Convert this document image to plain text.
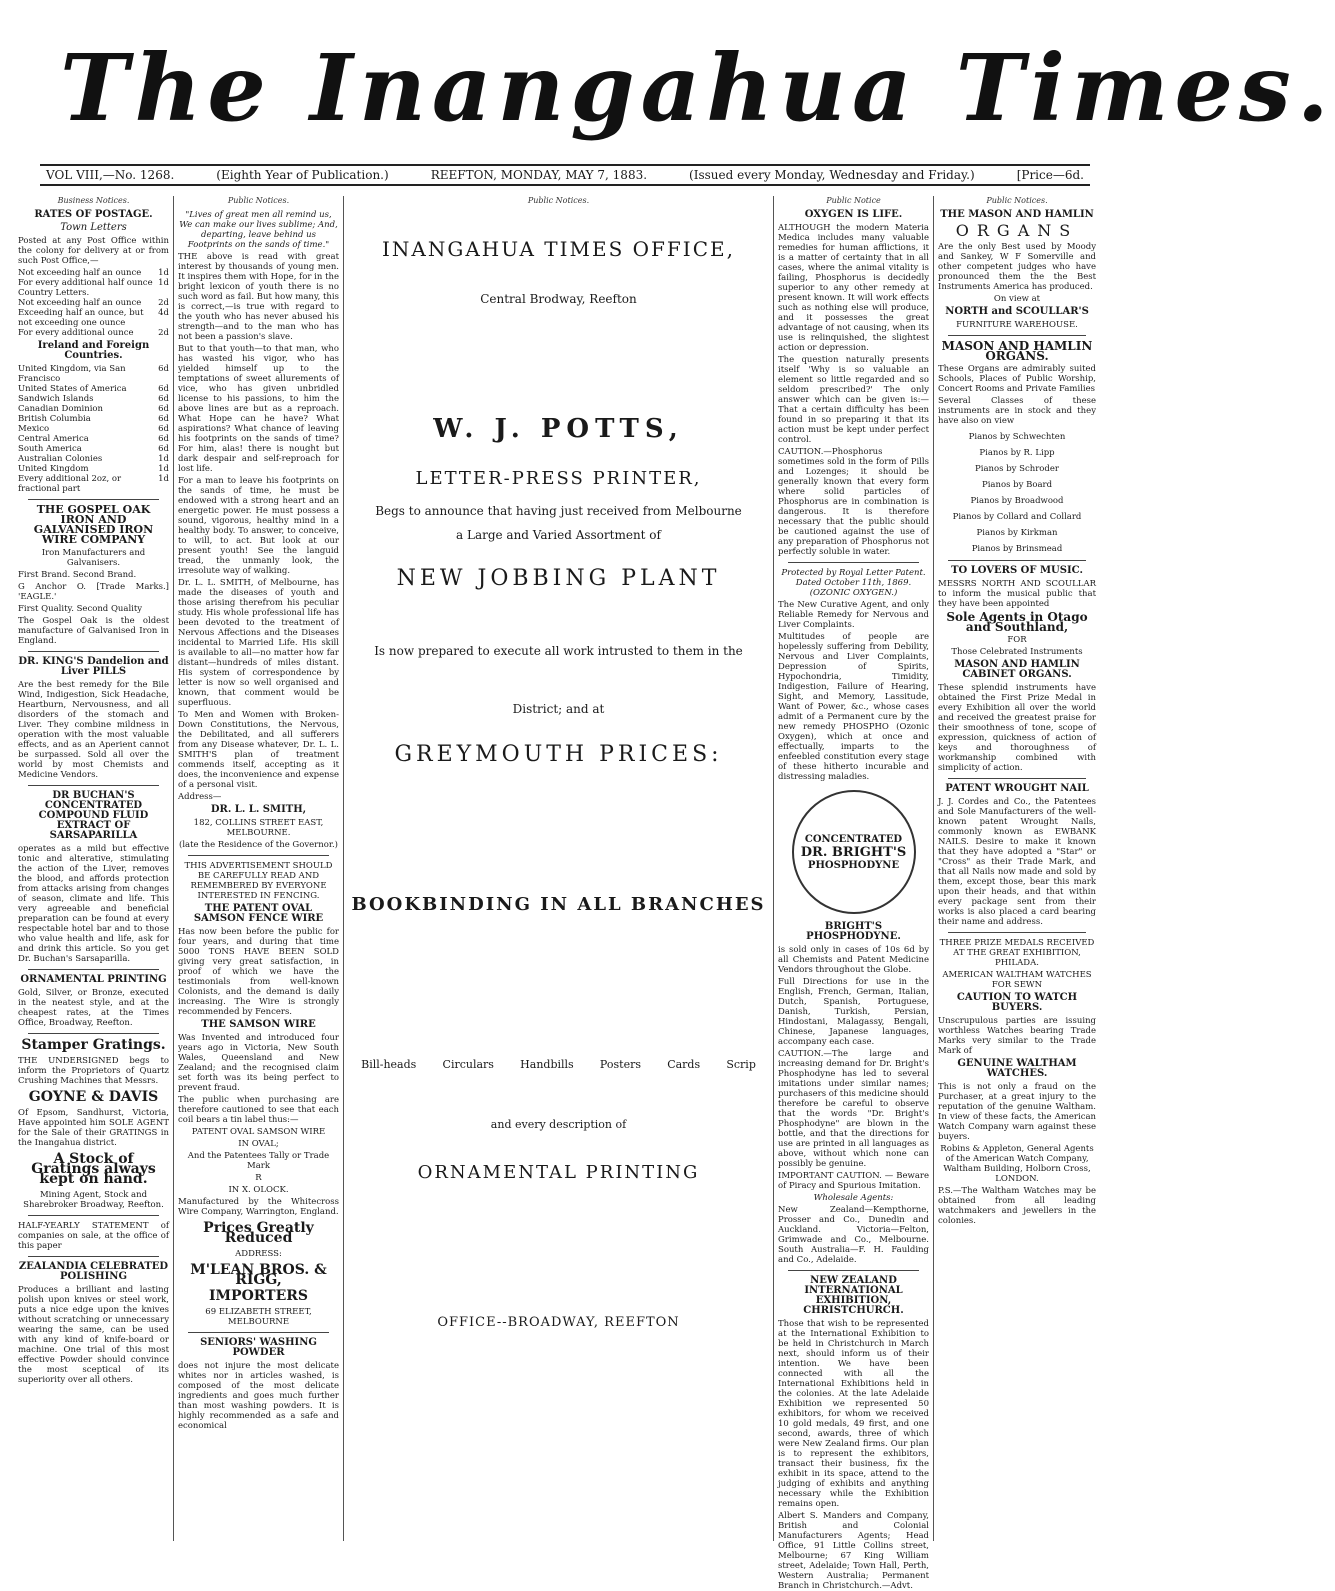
The Inangahua Times.
VOL VIII,—No. 1268.	(Eighth Year of Publication.)	REEFTON, MONDAY, MAY 7, 1883.	(Issued every Monday, Wednesday and Friday.)	[Price—6d.
Business Notices.
RATES OF POSTAGE.
Town Letters
Posted at any Post Office within the colony for delivery at or from such Post Office,—
Not exceeding half an ounce 1d
For every additional half ounce 1d
Country Letters.
Not exceeding half an ounce 2d
Exceeding half an ounce, but not exceeding one ounce
4d
For every additional ounce	2d
Ireland and Foreign Countries.
United Kingdom, via San Francisco
6d
United States of America	6d
Sandwich Islands	6d
Canadian Dominion	6d
British Columbia	6d
Mexico	6d
Central America	6d
South America	6d
Australian Colonies	1d
United Kingdom	1d
Every additional 2oz, or fractional part
1d
THE GOSPEL OAK IRON AND GALVANISED IRON WIRE COMPANY
Iron Manufacturers and Galvanisers.
First Brand. Second Brand.
G Anchor O. [Trade Marks.] 'EAGLE.'
First Quality. Second Quality
The Gospel Oak is the oldest manufacture of Galvanised Iron in England.
DR. KING'S Dandelion and Liver PILLS
Are the best remedy for the Bile Wind, Indigestion, Sick Headache, Heartburn, Nervousness, and all disorders of the stomach and Liver. They combine mildness in operation with the most valuable effects, and as an Aperient cannot be surpassed. Sold all over the world by most Chemists and Medicine Vendors.
DR BUCHAN'S CONCENTRATED COMPOUND FLUID EXTRACT OF SARSAPARILLA
operates as a mild but effective tonic and alterative, stimulating the action of the Liver, removes the blood, and affords protection from attacks arising from changes of season, climate and life. This very agreeable and beneficial preparation can be found at every respectable hotel bar and to those who value health and life, ask for and drink this article. So you get Dr. Buchan's Sarsaparilla.
ORNAMENTAL PRINTING
Gold, Silver, or Bronze, executed in the neatest style, and at the cheapest rates, at the Times Office, Broadway, Reefton.
Stamper Gratings.
THE UNDERSIGNED begs to inform the Proprietors of Quartz Crushing Machines that Messrs.
GOYNE & DAVIS
Of Epsom, Sandhurst, Victoria, Have appointed him SOLE AGENT for the Sale of their GRATINGS in the Inangahua district.
A Stock of Gratings always kept on hand.
Mining Agent, Stock and Sharebroker Broadway, Reefton.
HALF-YEARLY STATEMENT of companies on sale, at the office of this paper
ZEALANDIA CELEBRATED POLISHING
Produces a brilliant and lasting polish upon knives or steel work, puts a nice edge upon the knives without scratching or unnecessary wearing the same, can be used with any kind of knife-board or machine. One trial of this most effective Powder should convince the most sceptical of its superiority over all others.
Public Notices.
"Lives of great men all remind us, We can make our lives sublime; And, departing, leave behind us Footprints on the sands of time."
THE above is read with great interest by thousands of young men. It inspires them with Hope, for in the bright lexicon of youth there is no such word as fail. But how many, this is correct,—is true with regard to the youth who has never abused his strength—and to the man who has not been a passion's slave.
But to that youth—to that man, who has wasted his vigor, who has yielded himself up to the temptations of sweet allurements of vice, who has given unbridled license to his passions, to him the above lines are but as a reproach. What Hope can he have? What aspirations? What chance of leaving his footprints on the sands of time? For him, alas! there is nought but dark despair and self-reproach for lost life.
For a man to leave his footprints on the sands of time, he must be endowed with a strong heart and an energetic power. He must possess a sound, vigorous, healthy mind in a healthy body. To answer, to conceive, to will, to act. But look at our present youth! See the languid tread, the unmanly look, the irresolute way of walking.
Dr. L. L. SMITH, of Melbourne, has made the diseases of youth and those arising therefrom his peculiar study. His whole professional life has been devoted to the treatment of Nervous Affections and the Diseases incidental to Married Life. His skill is available to all—no matter how far distant—hundreds of miles distant. His system of correspondence by letter is now so well organised and known, that comment would be superfluous.
To Men and Women with Broken-Down Constitutions, the Nervous, the Debilitated, and all sufferers from any Disease whatever, Dr. L. L. SMITH'S plan of treatment commends itself, accepting as it does, the inconvenience and expense of a personal visit.
Address—
DR. L. L. SMITH,
182, COLLINS STREET EAST, MELBOURNE.
(late the Residence of the Governor.)
THIS ADVERTISEMENT SHOULD BE CAREFULLY READ AND REMEMBERED BY EVERYONE INTERESTED IN FENCING.
THE PATENT OVAL SAMSON FENCE WIRE
Has now been before the public for four years, and during that time 5000 TONS HAVE BEEN SOLD giving very great satisfaction, in proof of which we have the testimonials from well-known Colonists, and the demand is daily increasing. The Wire is strongly recommended by Fencers.
THE SAMSON WIRE
Was Invented and introduced four years ago in Victoria, New South Wales, Queensland and New Zealand; and the recognised claim set forth was its being perfect to prevent fraud.
The public when purchasing are therefore cautioned to see that each coil bears a tin label thus:—
PATENT OVAL SAMSON WIRE
IN OVAL;
And the Patentees Tally or Trade Mark
R
IN X. OLOCK.
Manufactured by the Whitecross Wire Company, Warrington, England.
Prices Greatly Reduced
ADDRESS:
M'LEAN BROS. & RIGG,
IMPORTERS
69 ELIZABETH STREET, MELBOURNE
SENIORS' WASHING POWDER
does not injure the most delicate whites nor in articles washed, is composed of the most delicate ingredients and goes much further than most washing powders. It is highly recommended as a safe and economical
Public Notices.
INANGAHUA TIMES OFFICE,
Central Brodway, Reefton
W. J. POTTS,
LETTER-PRESS PRINTER,
Begs to announce that having just received from Melbourne
a Large and Varied Assortment of
NEW JOBBING PLANT
Is now prepared to execute all work intrusted to them in the
District; and at
GREYMOUTH PRICES:
BOOKBINDING IN ALL BRANCHES
Bill-heads Circulars Handbills Posters Cards Scrip
and every description of
ORNAMENTAL PRINTING
OFFICE--BROADWAY, REEFTON
Public Notice
OXYGEN IS LIFE.
ALTHOUGH the modern Materia Medica includes many valuable remedies for human afflictions, it is a matter of certainty that in all cases, where the animal vitality is failing, Phosphorus is decidedly superior to any other remedy at present known. It will work effects such as nothing else will produce, and it possesses the great advantage of not causing, when its use is relinquished, the slightest action or depression.
The question naturally presents itself 'Why is so valuable an element so little regarded and so seldom prescribed?' The only answer which can be given is:—That a certain difficulty has been found in so preparing it that its action must be kept under perfect control.
CAUTION.—Phosphorus sometimes sold in the form of Pills and Lozenges; it should be generally known that every form where solid particles of Phosphorus are in combination is dangerous. It is therefore necessary that the public should be cautioned against the use of any preparation of Phosphorus not perfectly soluble in water.
Protected by Royal Letter Patent. Dated October 11th, 1869. (OZONIC OXYGEN.)
The New Curative Agent, and only Reliable Remedy for Nervous and Liver Complaints.
Multitudes of people are hopelessly suffering from Debility, Nervous and Liver Complaints, Depression of Spirits, Hypochondria, Timidity, Indigestion, Failure of Hearing, Sight, and Memory, Lassitude, Want of Power, &c., whose cases admit of a Permanent cure by the new remedy PHOSPHO (Ozonic Oxygen), which at once and effectually, imparts to the enfeebled constitution every stage of these hitherto incurable and distressing maladies.
CONCENTRATED
DR. BRIGHT'S
PHOSPHODYNE
BRIGHT'S PHOSPHODYNE.
is sold only in cases of 10s 6d by all Chemists and Patent Medicine Vendors throughout the Globe.
Full Directions for use in the English, French, German, Italian, Dutch, Spanish, Portuguese, Danish, Turkish, Persian, Hindostani, Malagassy, Bengali, Chinese, Japanese languages, accompany each case.
CAUTION.—The large and increasing demand for Dr. Bright's Phosphodyne has led to several imitations under similar names; purchasers of this medicine should therefore be careful to observe that the words "Dr. Bright's Phosphodyne" are blown in the bottle, and that the directions for use are printed in all languages as above, without which none can possibly be genuine.
IMPORTANT CAUTION. — Beware of Piracy and Spurious Imitation.
Wholesale Agents:
New Zealand—Kempthorne, Prosser and Co., Dunedin and Auckland. Victoria—Felton, Grimwade and Co., Melbourne. South Australia—F. H. Faulding and Co., Adelaide.
NEW ZEALAND INTERNATIONAL EXHIBITION, CHRISTCHURCH.
Those that wish to be represented at the International Exhibition to be held in Christchurch in March next, should inform us of their intention. We have been connected with all the International Exhibitions held in the colonies. At the late Adelaide Exhibition we represented 50 exhibitors, for whom we received 10 gold medals, 49 first, and one second, awards, three of which were New Zealand firms. Our plan is to represent the exhibitors, transact their business, fix the exhibit in its space, attend to the judging of exhibits and anything necessary while the Exhibition remains open.
Albert S. Manders and Company, British and Colonial Manufacturers Agents; Head Office, 91 Little Collins street, Melbourne; 67 King William street, Adelaide; Town Hall, Perth, Western Australia; Permanent Branch in Christchurch.—Advt.
Public Notices.
THE MASON AND HAMLIN
ORGANS
Are the only Best used by Moody and Sankey, W F Somerville and other competent judges who have pronounced them the the Best Instruments America has produced.
On view at
NORTH and SCOULLAR'S
FURNITURE WAREHOUSE.
MASON AND HAMLIN ORGANS.
These Organs are admirably suited Schools, Places of Public Worship, Concert Rooms and Private Families
Several Classes of these instruments are in stock and they have also on view
Pianos by Schwechten
Pianos by R. Lipp
Pianos by Schroder
Pianos by Board
Pianos by Broadwood
Pianos by Collard and Collard
Pianos by Kirkman
Pianos by Brinsmead
TO LOVERS OF MUSIC.
MESSRS NORTH AND SCOULLAR to inform the musical public that they have been appointed
Sole Agents in Otago and Southland,
FOR
Those Celebrated Instruments
MASON AND HAMLIN CABINET ORGANS.
These splendid instruments have obtained the First Prize Medal in every Exhibition all over the world and received the greatest praise for their smoothness of tone, scope of expression, quickness of action of keys and thoroughness of workmanship combined with simplicity of action.
PATENT WROUGHT NAIL
J. J. Cordes and Co., the Patentees and Sole Manufacturers of the well-known patent Wrought Nails, commonly known as EWBANK NAILS. Desire to make it known that they have adopted a "Star" or "Cross" as their Trade Mark, and that all Nails now made and sold by them, except those, bear this mark upon their heads, and that within every package sent from their works is also placed a card bearing their name and address.
THREE PRIZE MEDALS RECEIVED AT THE GREAT EXHIBITION, PHILADA.
AMERICAN WALTHAM WATCHES FOR SEWN
CAUTION TO WATCH BUYERS.
Unscrupulous parties are issuing worthless Watches bearing Trade Marks very similar to the Trade Mark of
GENUINE WALTHAM WATCHES.
This is not only a fraud on the Purchaser, at a great injury to the reputation of the genuine Waltham. In view of these facts, the American Watch Company warn against these buyers.
Robins & Appleton, General Agents of the American Watch Company, Waltham Building, Holborn Cross, LONDON.
P.S.—The Waltham Watches may be obtained from all leading watchmakers and jewellers in the colonies.
